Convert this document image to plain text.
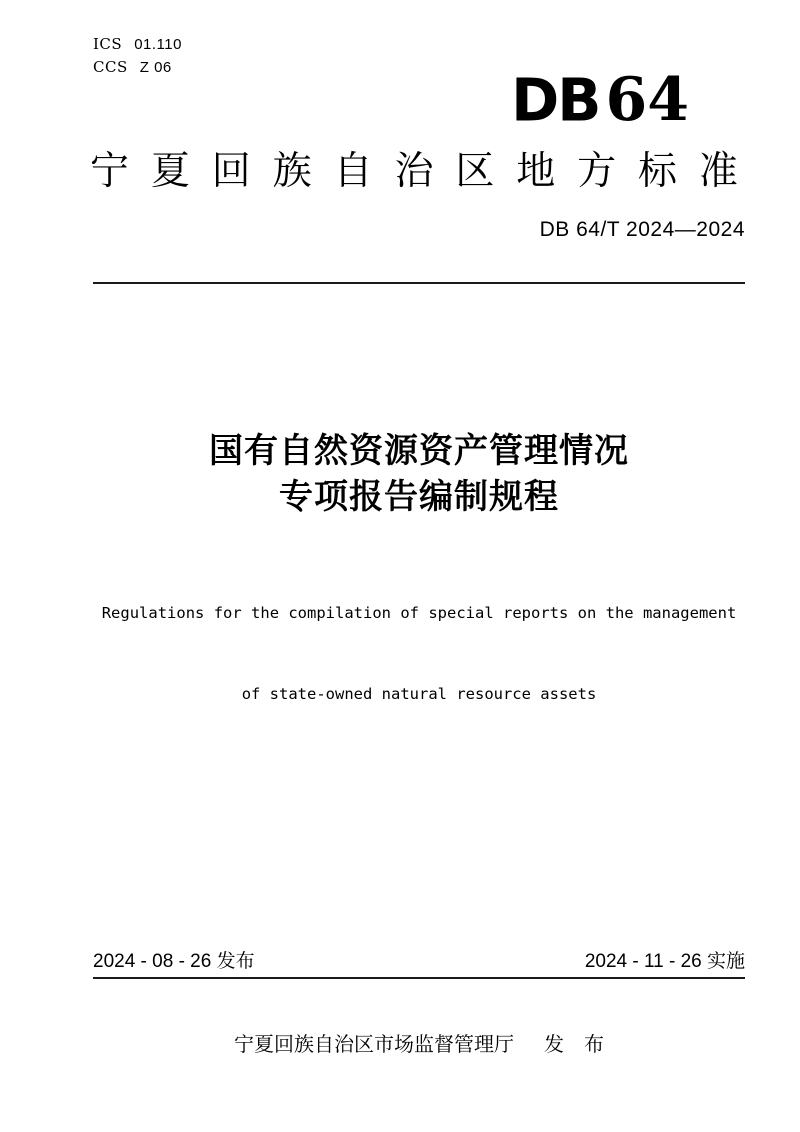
ICS 01.110
CCS Z 06	DB 64
宁 夏 回 族 自 治 区 地 方 标 准
DB 64/T 2024—2024
国有自然资源资产管理情况
专项报告编制规程

Regulations for the compilation of special reports on the management

of state-owned natural resource assets

2024 - 08 - 26 发布	2024 - 11 - 26 实施
宁夏回族自治区市场监督管理厅 发　布
